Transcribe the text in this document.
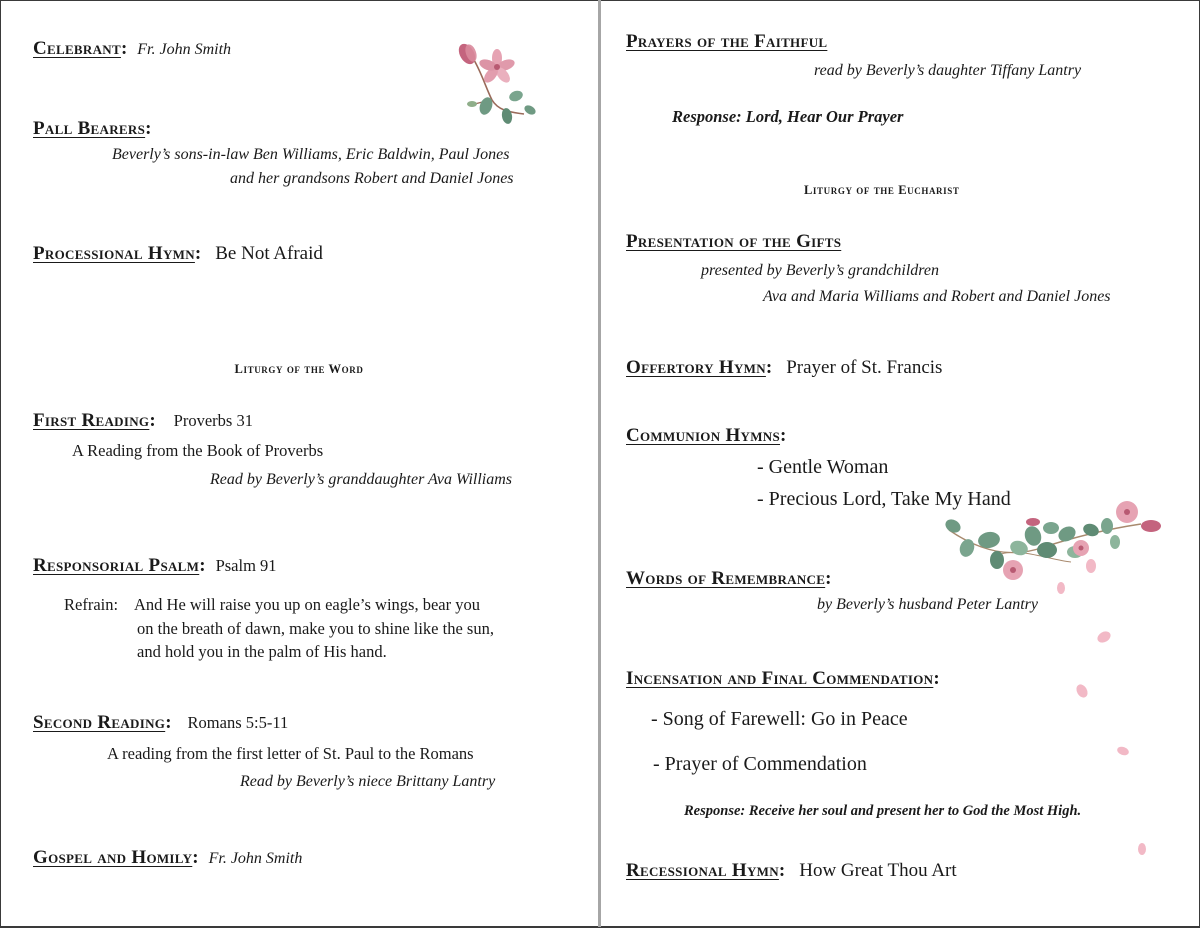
Celebrant: Fr. John Smith
Pall Bearers:
Beverly’s sons-in-law Ben Williams, Eric Baldwin, Paul Jones
and her grandsons Robert and Daniel Jones
Processional Hymn: Be Not Afraid
Liturgy of the Word
First Reading: Proverbs 31
A Reading from the Book of Proverbs
Read by Beverly’s granddaughter Ava Williams
Responsorial Psalm: Psalm 91
Refrain: And He will raise you up on eagle’s wings, bear you
on the breath of dawn, make you to shine like the sun,
and hold you in the palm of His hand.
Second Reading: Romans 5:5-11
A reading from the first letter of St. Paul to the Romans
Read by Beverly’s niece Brittany Lantry
Gospel and Homily: Fr. John Smith
Prayers of the Faithful
read by Beverly’s daughter Tiffany Lantry
Response: Lord, Hear Our Prayer
Liturgy of the Eucharist
Presentation of the Gifts
presented by Beverly’s grandchildren
Ava and Maria Williams and Robert and Daniel Jones
Offertory Hymn: Prayer of St. Francis
Communion Hymns:
- Gentle Woman
- Precious Lord, Take My Hand
Words of Remembrance:
by Beverly’s husband Peter Lantry
Incensation and Final Commendation:
- Song of Farewell: Go in Peace
- Prayer of Commendation
Response: Receive her soul and present her to God the Most High.
Recessional Hymn: How Great Thou Art
